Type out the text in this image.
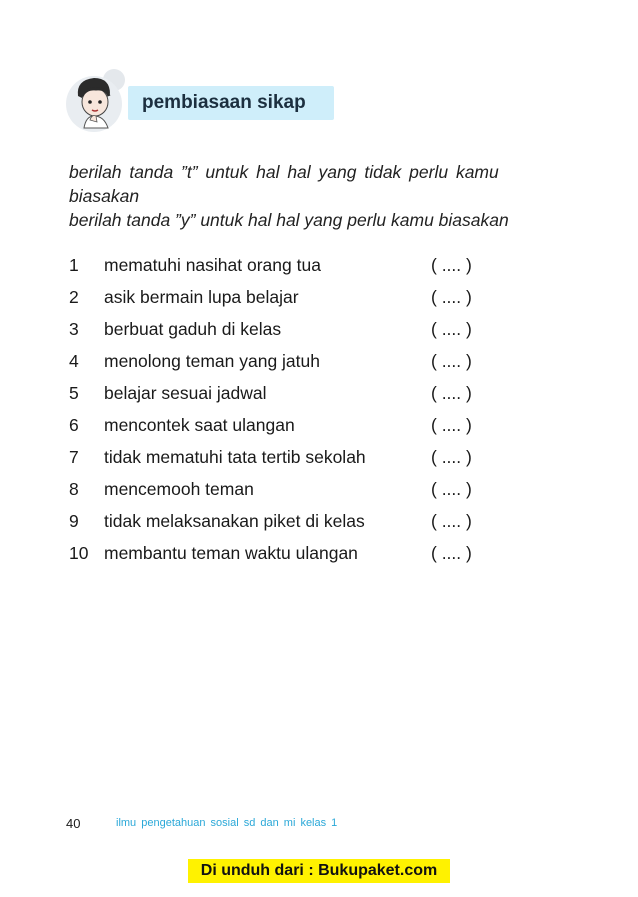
pembiasaan sikap
berilah tanda ”t” untuk hal hal yang tidak perlu kamu
biasakan
berilah tanda ”y” untuk hal hal yang perlu kamu biasakan
1 mematuhi nasihat orang tua	( .... )
2 asik bermain lupa belajar	( .... )
3 berbuat gaduh di kelas	( .... )
4 menolong teman yang jatuh	( .... )
5 belajar sesuai jadwal	( .... )
6 mencontek saat ulangan	( .... )
7 tidak mematuhi tata tertib sekolah	( .... )
8 mencemooh teman	( .... )
9 tidak melaksanakan piket di kelas	( .... )
10 membantu teman waktu ulangan	( .... )
40	ilmu pengetahuan sosial sd dan mi kelas 1
Di unduh dari : Bukupaket.com
